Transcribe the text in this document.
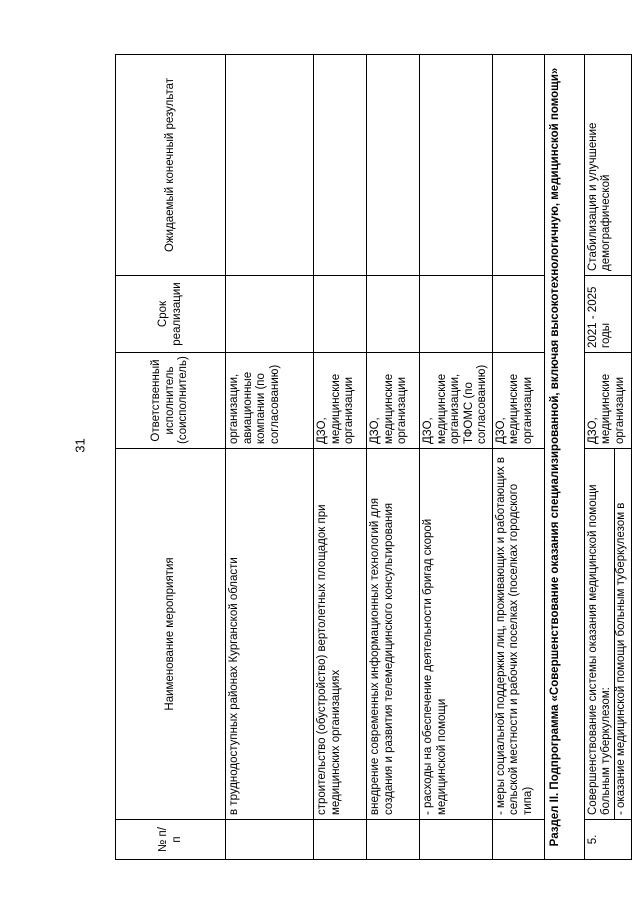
31
№ п/п	Наименование мероприятия	Ответственный исполнитель (соисполнитель)	Срок реализации	Ожидаемый конечный результат
	в труднодоступных районах Курганской области	организации, авиационные компании (по согласованию)		
	строительство (обустройство) вертолетных площадок при медицинских организациях	ДЗО, медицинские организации		
	внедрение современных информационных технологий для создания и развития телемедицинского консультирования	ДЗО, медицинские организации		
	- расходы на обеспечение деятельности бригад скорой медицинской помощи	ДЗО, медицинские организации, ТФОМС (по согласованию)		
	- меры социальной поддержки лиц, проживающих и работающих в сельской местности и рабочих поселках (поселках городского типа)	ДЗО, медицинские организации		
Раздел II. Подпрограмма «Совершенствование оказания специализированной, включая высокотехнологичную, медицинской помощи»				
5.	Совершенствование системы оказания медицинской помощи больным туберкулезом: - оказание медицинской помощи больным туберкулезом в	ДЗО, медицинские организации	2021 - 2025 годы	Стабилизация и улучшение демографической
